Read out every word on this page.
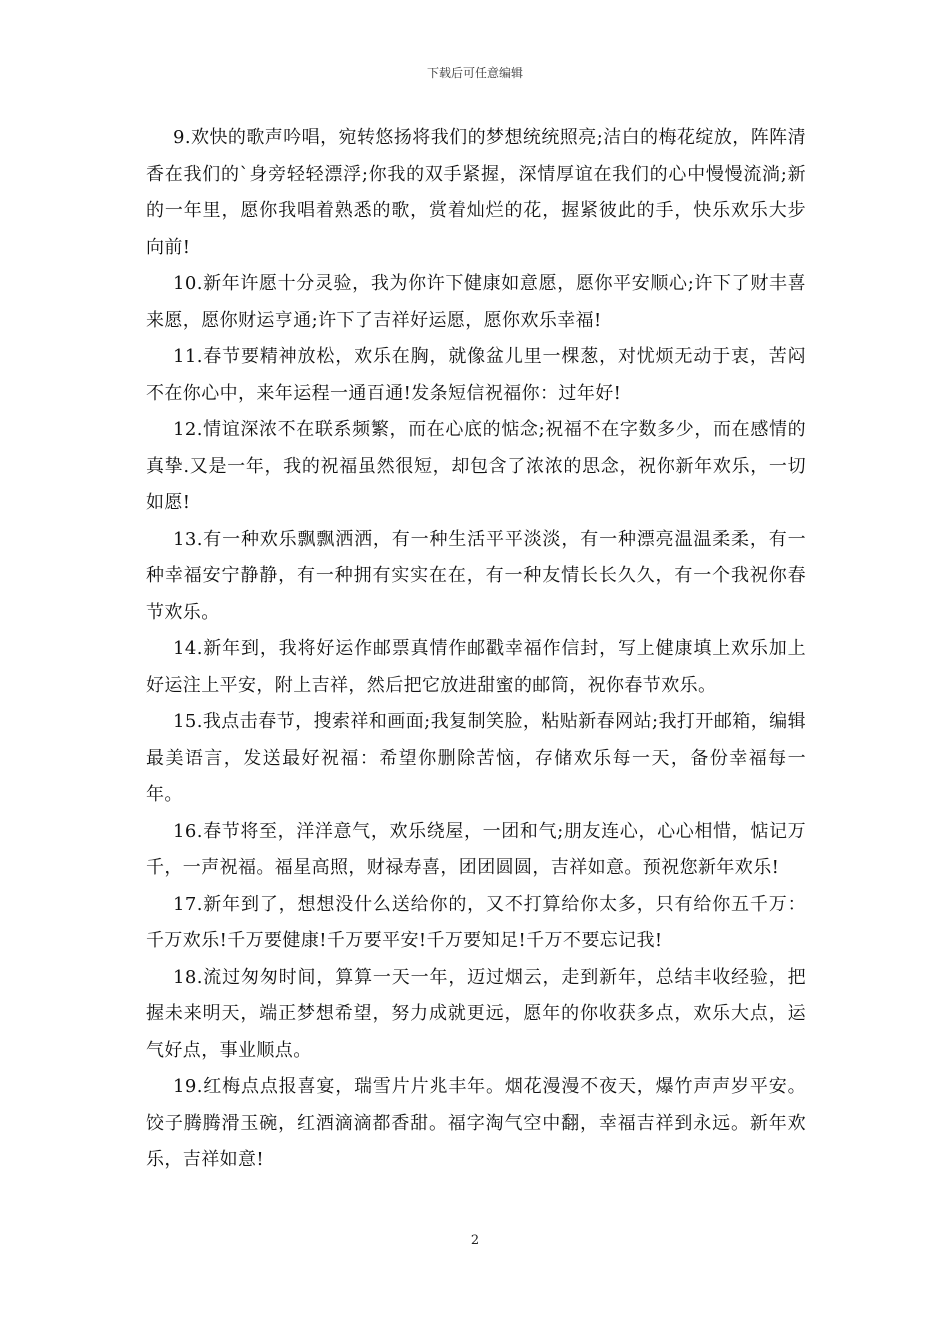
下载后可任意编辑

9.欢快的歌声吟唱，宛转悠扬将我们的梦想统统照亮;洁白的梅花绽放，阵阵清香在我们的`身旁轻轻漂浮;你我的双手紧握，深情厚谊在我们的心中慢慢流淌;新的一年里，愿你我唱着熟悉的歌，赏着灿烂的花，握紧彼此的手，快乐欢乐大步向前!

10.新年许愿十分灵验，我为你许下健康如意愿，愿你平安顺心;许下了财丰喜来愿，愿你财运亨通;许下了吉祥好运愿，愿你欢乐幸福!

11.春节要精神放松，欢乐在胸，就像盆儿里一棵葱，对忧烦无动于衷，苦闷不在你心中，来年运程一通百通!发条短信祝福你：过年好!

12.情谊深浓不在联系频繁，而在心底的惦念;祝福不在字数多少，而在感情的真挚.又是一年，我的祝福虽然很短，却包含了浓浓的思念，祝你新年欢乐，一切如愿!

13.有一种欢乐飘飘洒洒，有一种生活平平淡淡，有一种漂亮温温柔柔，有一种幸福安宁静静，有一种拥有实实在在，有一种友情长长久久，有一个我祝你春节欢乐。

14.新年到，我将好运作邮票真情作邮戳幸福作信封，写上健康填上欢乐加上好运注上平安，附上吉祥，然后把它放进甜蜜的邮筒，祝你春节欢乐。

15.我点击春节，搜索祥和画面;我复制笑脸，粘贴新春网站;我打开邮箱，编辑最美语言，发送最好祝福：希望你删除苦恼，存储欢乐每一天，备份幸福每一年。

16.春节将至，洋洋意气，欢乐绕屋，一团和气;朋友连心，心心相惜，惦记万千，一声祝福。福星高照，财禄寿喜，团团圆圆，吉祥如意。预祝您新年欢乐!

17.新年到了，想想没什么送给你的，又不打算给你太多，只有给你五千万：千万欢乐!千万要健康!千万要平安!千万要知足!千万不要忘记我!

18.流过匆匆时间，算算一天一年，迈过烟云，走到新年，总结丰收经验，把握未来明天，端正梦想希望，努力成就更远，愿年的你收获多点，欢乐大点，运气好点，事业顺点。

19.红梅点点报喜宴，瑞雪片片兆丰年。烟花漫漫不夜天，爆竹声声岁平安。饺子腾腾滑玉碗，红酒滴滴都香甜。福字淘气空中翻，幸福吉祥到永远。新年欢乐，吉祥如意!

2
